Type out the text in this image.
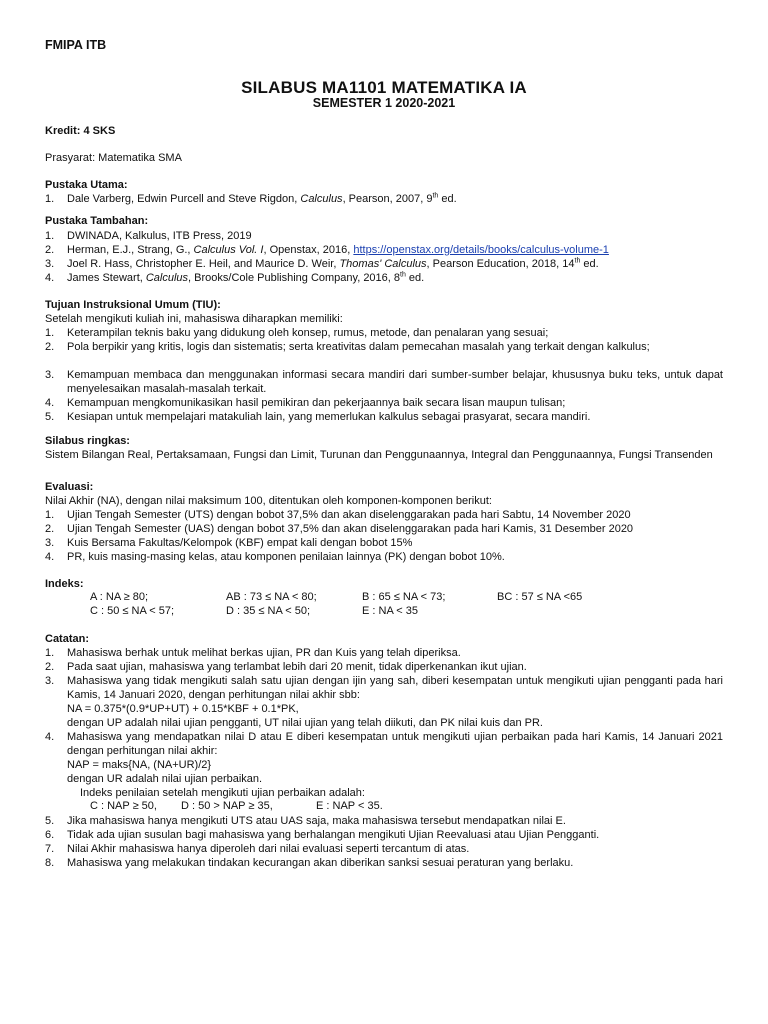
FMIPA ITB
SILABUS MA1101 MATEMATIKA IA
SEMESTER 1 2020-2021
Kredit: 4 SKS
Prasyarat: Matematika SMA
Pustaka Utama:
1. Dale Varberg, Edwin Purcell and Steve Rigdon, Calculus, Pearson, 2007, 9th ed.
Pustaka Tambahan:
1. DWINADA, Kalkulus, ITB Press, 2019
2. Herman, E.J., Strang, G., Calculus Vol. I, Openstax, 2016, https://openstax.org/details/books/calculus-volume-1
3. Joel R. Hass, Christopher E. Heil, and Maurice D. Weir, Thomas' Calculus, Pearson Education, 2018, 14th ed.
4. James Stewart, Calculus, Brooks/Cole Publishing Company, 2016, 8th ed.
Tujuan Instruksional Umum (TIU):
Setelah mengikuti kuliah ini, mahasiswa diharapkan memiliki:
1. Keterampilan teknis baku yang didukung oleh konsep, rumus, metode, dan penalaran yang sesuai;
2. Pola berpikir yang kritis, logis dan sistematis; serta kreativitas dalam pemecahan masalah yang terkait dengan kalkulus;
3. Kemampuan membaca dan menggunakan informasi secara mandiri dari sumber-sumber belajar, khususnya buku teks, untuk dapat menyelesaikan masalah-masalah terkait.
4. Kemampuan mengkomunikasikan hasil pemikiran dan pekerjaannya baik secara lisan maupun tulisan;
5. Kesiapan untuk mempelajari matakuliah lain, yang memerlukan kalkulus sebagai prasyarat, secara mandiri.
Silabus ringkas:
Sistem Bilangan Real, Pertaksamaan, Fungsi dan Limit, Turunan dan Penggunaannya, Integral dan Penggunaannya, Fungsi Transenden
Evaluasi:
Nilai Akhir (NA), dengan nilai maksimum 100, ditentukan oleh komponen-komponen berikut:
1. Ujian Tengah Semester (UTS) dengan bobot 37,5% dan akan diselenggarakan pada hari Sabtu, 14 November 2020
2. Ujian Tengah Semester (UAS) dengan bobot 37,5% dan akan diselenggarakan pada hari Kamis, 31 Desember 2020
3. Kuis Bersama Fakultas/Kelompok (KBF) empat kali dengan bobot 15%
4. PR, kuis masing-masing kelas, atau komponen penilaian lainnya (PK) dengan bobot 10%.
Indeks:
A : NA ≥ 80;	AB : 73 ≤ NA < 80;	B : 65 ≤ NA < 73;	BC : 57 ≤ NA <65
C : 50 ≤ NA < 57;	D : 35 ≤ NA < 50;	E : NA < 35
Catatan:
1. Mahasiswa berhak untuk melihat berkas ujian, PR dan Kuis yang telah diperiksa.
2. Pada saat ujian, mahasiswa yang terlambat lebih dari 20 menit, tidak diperkenankan ikut ujian.
3. Mahasiswa yang tidak mengikuti salah satu ujian dengan ijin yang sah, diberi kesempatan untuk mengikuti ujian pengganti pada hari Kamis, 14 Januari 2020, dengan perhitungan nilai akhir sbb:
NA = 0.375*(0.9*UP+UT) + 0.15*KBF + 0.1*PK,
dengan UP adalah nilai ujian pengganti, UT nilai ujian yang telah diikuti, dan PK nilai kuis dan PR.
4. Mahasiswa yang mendapatkan nilai D atau E diberi kesempatan untuk mengikuti ujian perbaikan pada hari Kamis, 14 Januari 2021 dengan perhitungan nilai akhir:
NAP = maks{NA, (NA+UR)/2}
dengan UR adalah nilai ujian perbaikan.
Indeks penilaian setelah mengikuti ujian perbaikan adalah:
C : NAP ≥ 50, D : 50 > NAP ≥ 35,	E : NAP < 35.
5. Jika mahasiswa hanya mengikuti UTS atau UAS saja, maka mahasiswa tersebut mendapatkan nilai E.
6. Tidak ada ujian susulan bagi mahasiswa yang berhalangan mengikuti Ujian Reevaluasi atau Ujian Pengganti.
7. Nilai Akhir mahasiswa hanya diperoleh dari nilai evaluasi seperti tercantum di atas.
8. Mahasiswa yang melakukan tindakan kecurangan akan diberikan sanksi sesuai peraturan yang berlaku.
